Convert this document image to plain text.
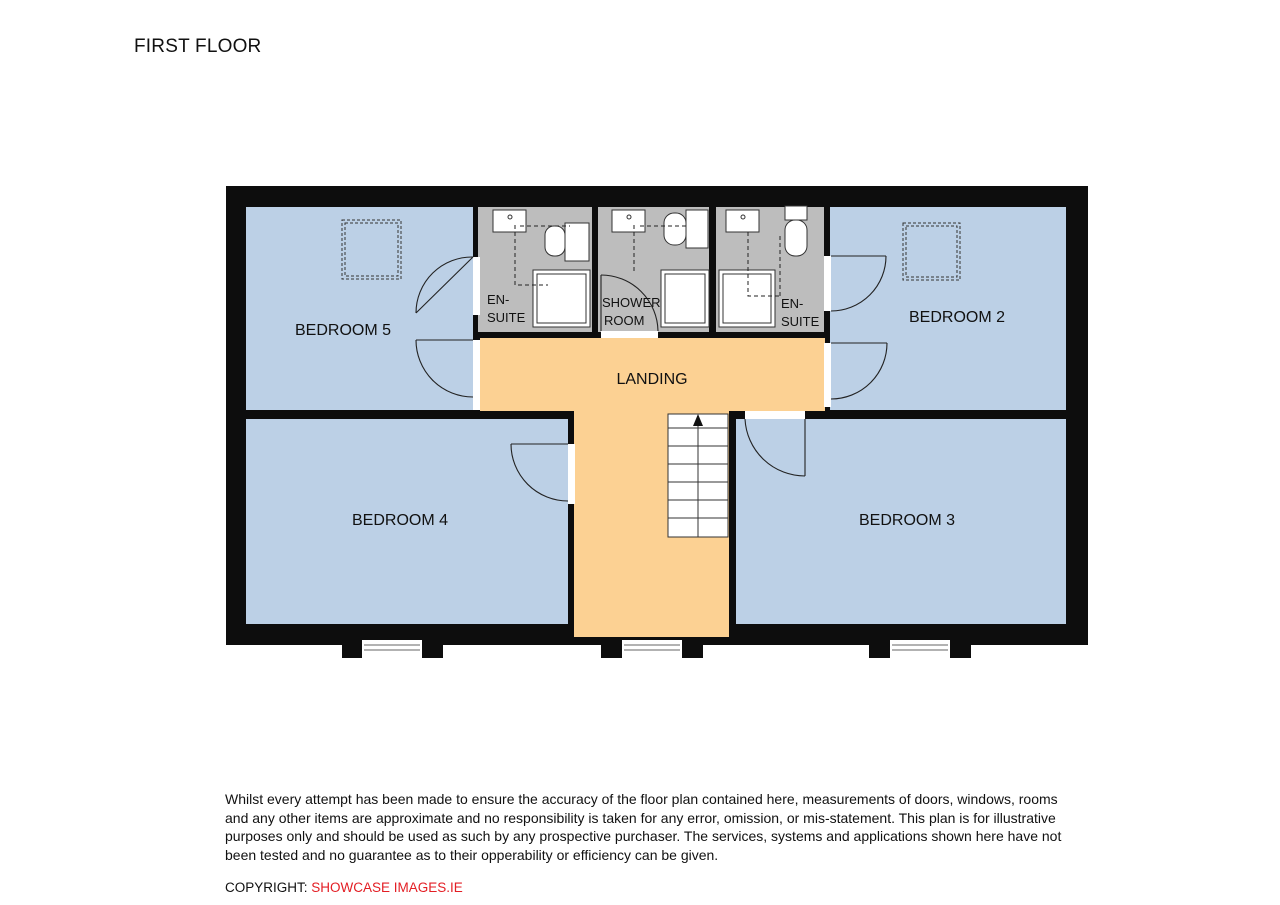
FIRST FLOOR
BEDROOM 5
BEDROOM 2
BEDROOM 4	BEDROOM 3
LANDING
EN- SUITE
SHOWER ROOM
EN- SUITE

Whilst every attempt has been made to ensure the accuracy of the floor plan contained here, measurements of doors, windows, rooms and any other items are approximate and no responsibility is taken for any error, omission, or mis-statement. This plan is for illustrative purposes only and should be used as such by any prospective purchaser. The services, systems and applications shown here have not been tested and no guarantee as to their opperability or efficiency can be given.

COPYRIGHT: SHOWCASE IMAGES.IE
